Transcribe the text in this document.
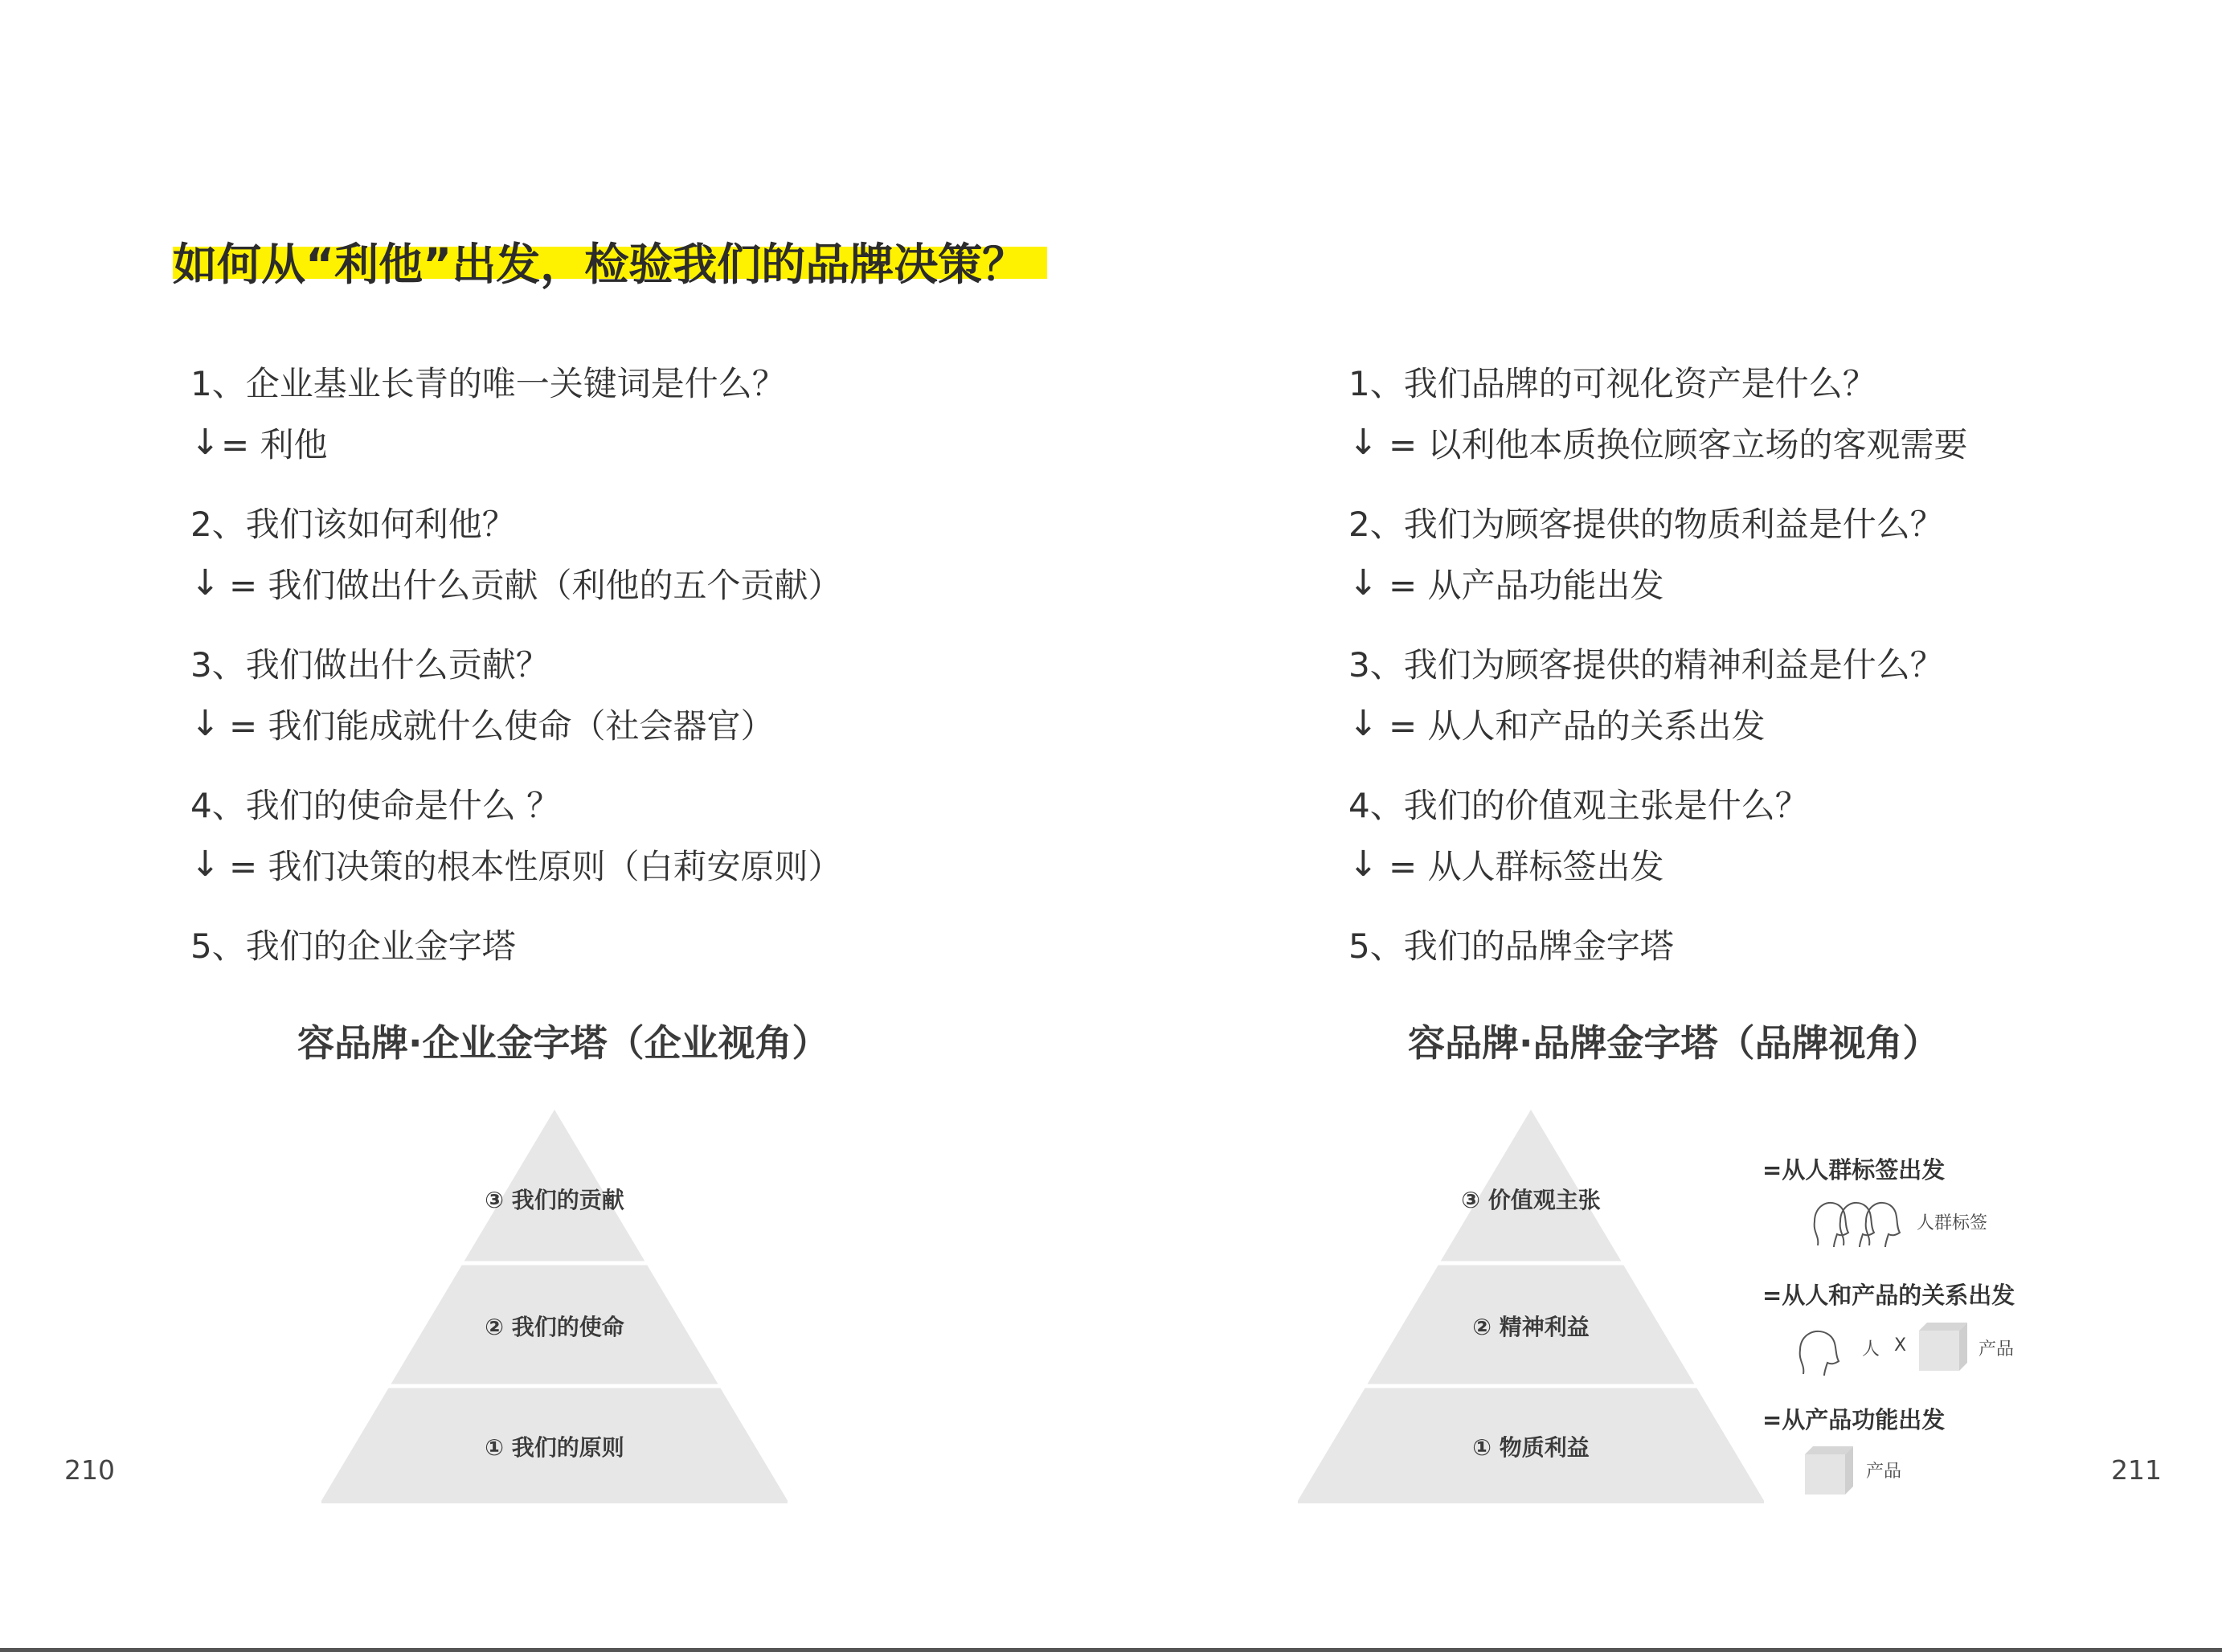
如何从“利他”出发，检验我们的品牌决策？
1、企业基业长青的唯一关键词是什么？
↓ = 利他
2、我们该如何利他？
↓ = 我们做出什么贡献（利他的五个贡献）
3、我们做出什么贡献？
↓ = 我们能成就什么使命（社会器官）
4、我们的使命是什么 ？
↓ = 我们决策的根本性原则（白莉安原则）
5、我们的企业金字塔
1、我们品牌的可视化资产是什么？
↓ = 以利他本质换位顾客立场的客观需要
2、我们为顾客提供的物质利益是什么？
↓ = 从产品功能出发
3、我们为顾客提供的精神利益是什么？
↓ = 从人和产品的关系出发
4、我们的价值观主张是什么？
↓ = 从人群标签出发
5、我们的品牌金字塔
容品牌·企业金字塔（企业视角）	容品牌·品牌金字塔（品牌视角）
③ 我们的贡献
② 我们的使命
① 我们的原则
③ 价值观主张
② 精神利益
① 物质利益
=从人群标签出发
人群标签
=从人和产品的关系出发
人 X	产品
=从产品功能出发
产品
210	211
